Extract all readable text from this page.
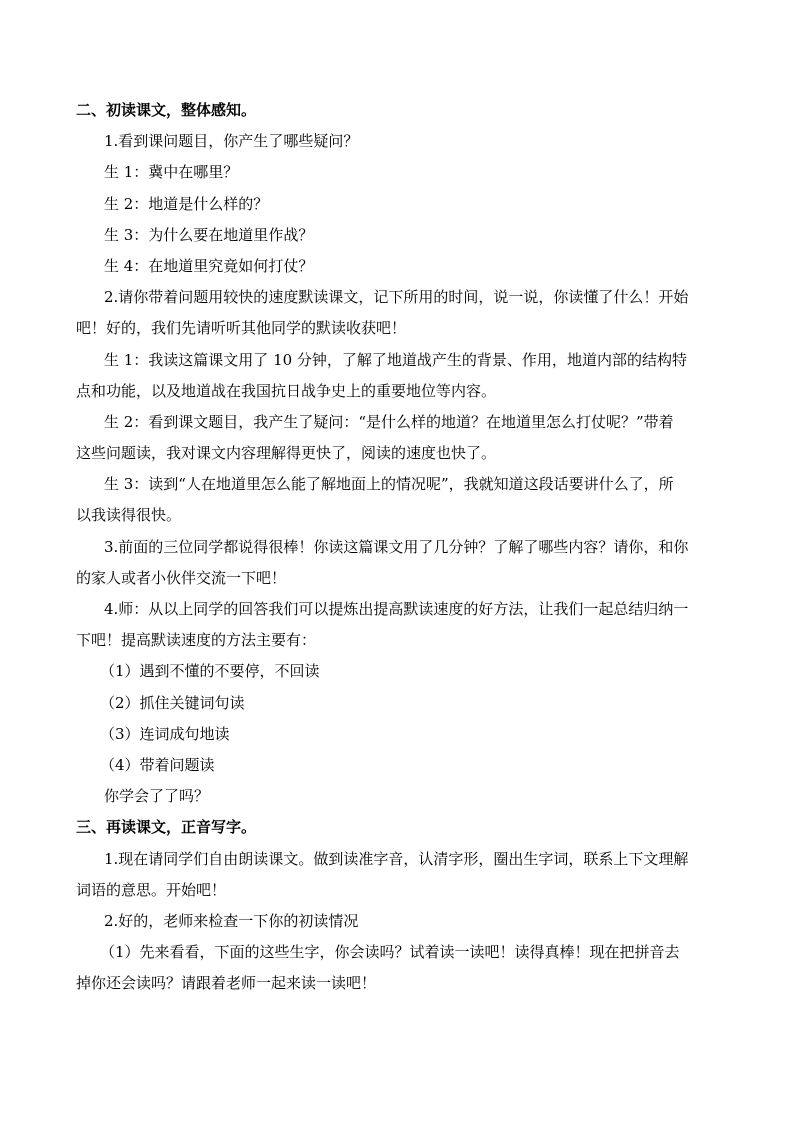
二、初读课文，整体感知。
1.看到课问题目，你产生了哪些疑问？
生 1：冀中在哪里？
生 2：地道是什么样的？
生 3：为什么要在地道里作战？
生 4：在地道里究竟如何打仗？
2.请你带着问题用较快的速度默读课文，记下所用的时间，说一说，你读懂了什么！开始
吧！好的，我们先请听听其他同学的默读收获吧！
生 1：我读这篇课文用了 10 分钟，了解了地道战产生的背景、作用，地道内部的结构特
点和功能，以及地道战在我国抗日战争史上的重要地位等内容。
生 2：看到课文题目，我产生了疑问：“是什么样的地道？在地道里怎么打仗呢？”带着
这些问题读，我对课文内容理解得更快了，阅读的速度也快了。
生 3：读到“人在地道里怎么能了解地面上的情况呢”，我就知道这段话要讲什么了，所
以我读得很快。
3.前面的三位同学都说得很棒！你读这篇课文用了几分钟？了解了哪些内容？请你，和你
的家人或者小伙伴交流一下吧！
4.师：从以上同学的回答我们可以提炼出提高默读速度的好方法，让我们一起总结归纳一
下吧！提高默读速度的方法主要有：
（1）遇到不懂的不要停，不回读
（2）抓住关键词句读
（3）连词成句地读
（4）带着问题读
你学会了了吗？
三、再读课文，正音写字。
1.现在请同学们自由朗读课文。做到读准字音，认清字形，圈出生字词，联系上下文理解
词语的意思。开始吧！
2.好的，老师来检查一下你的初读情况
（1）先来看看，下面的这些生字，你会读吗？试着读一读吧！读得真棒！现在把拼音去
掉你还会读吗？请跟着老师一起来读一读吧！
